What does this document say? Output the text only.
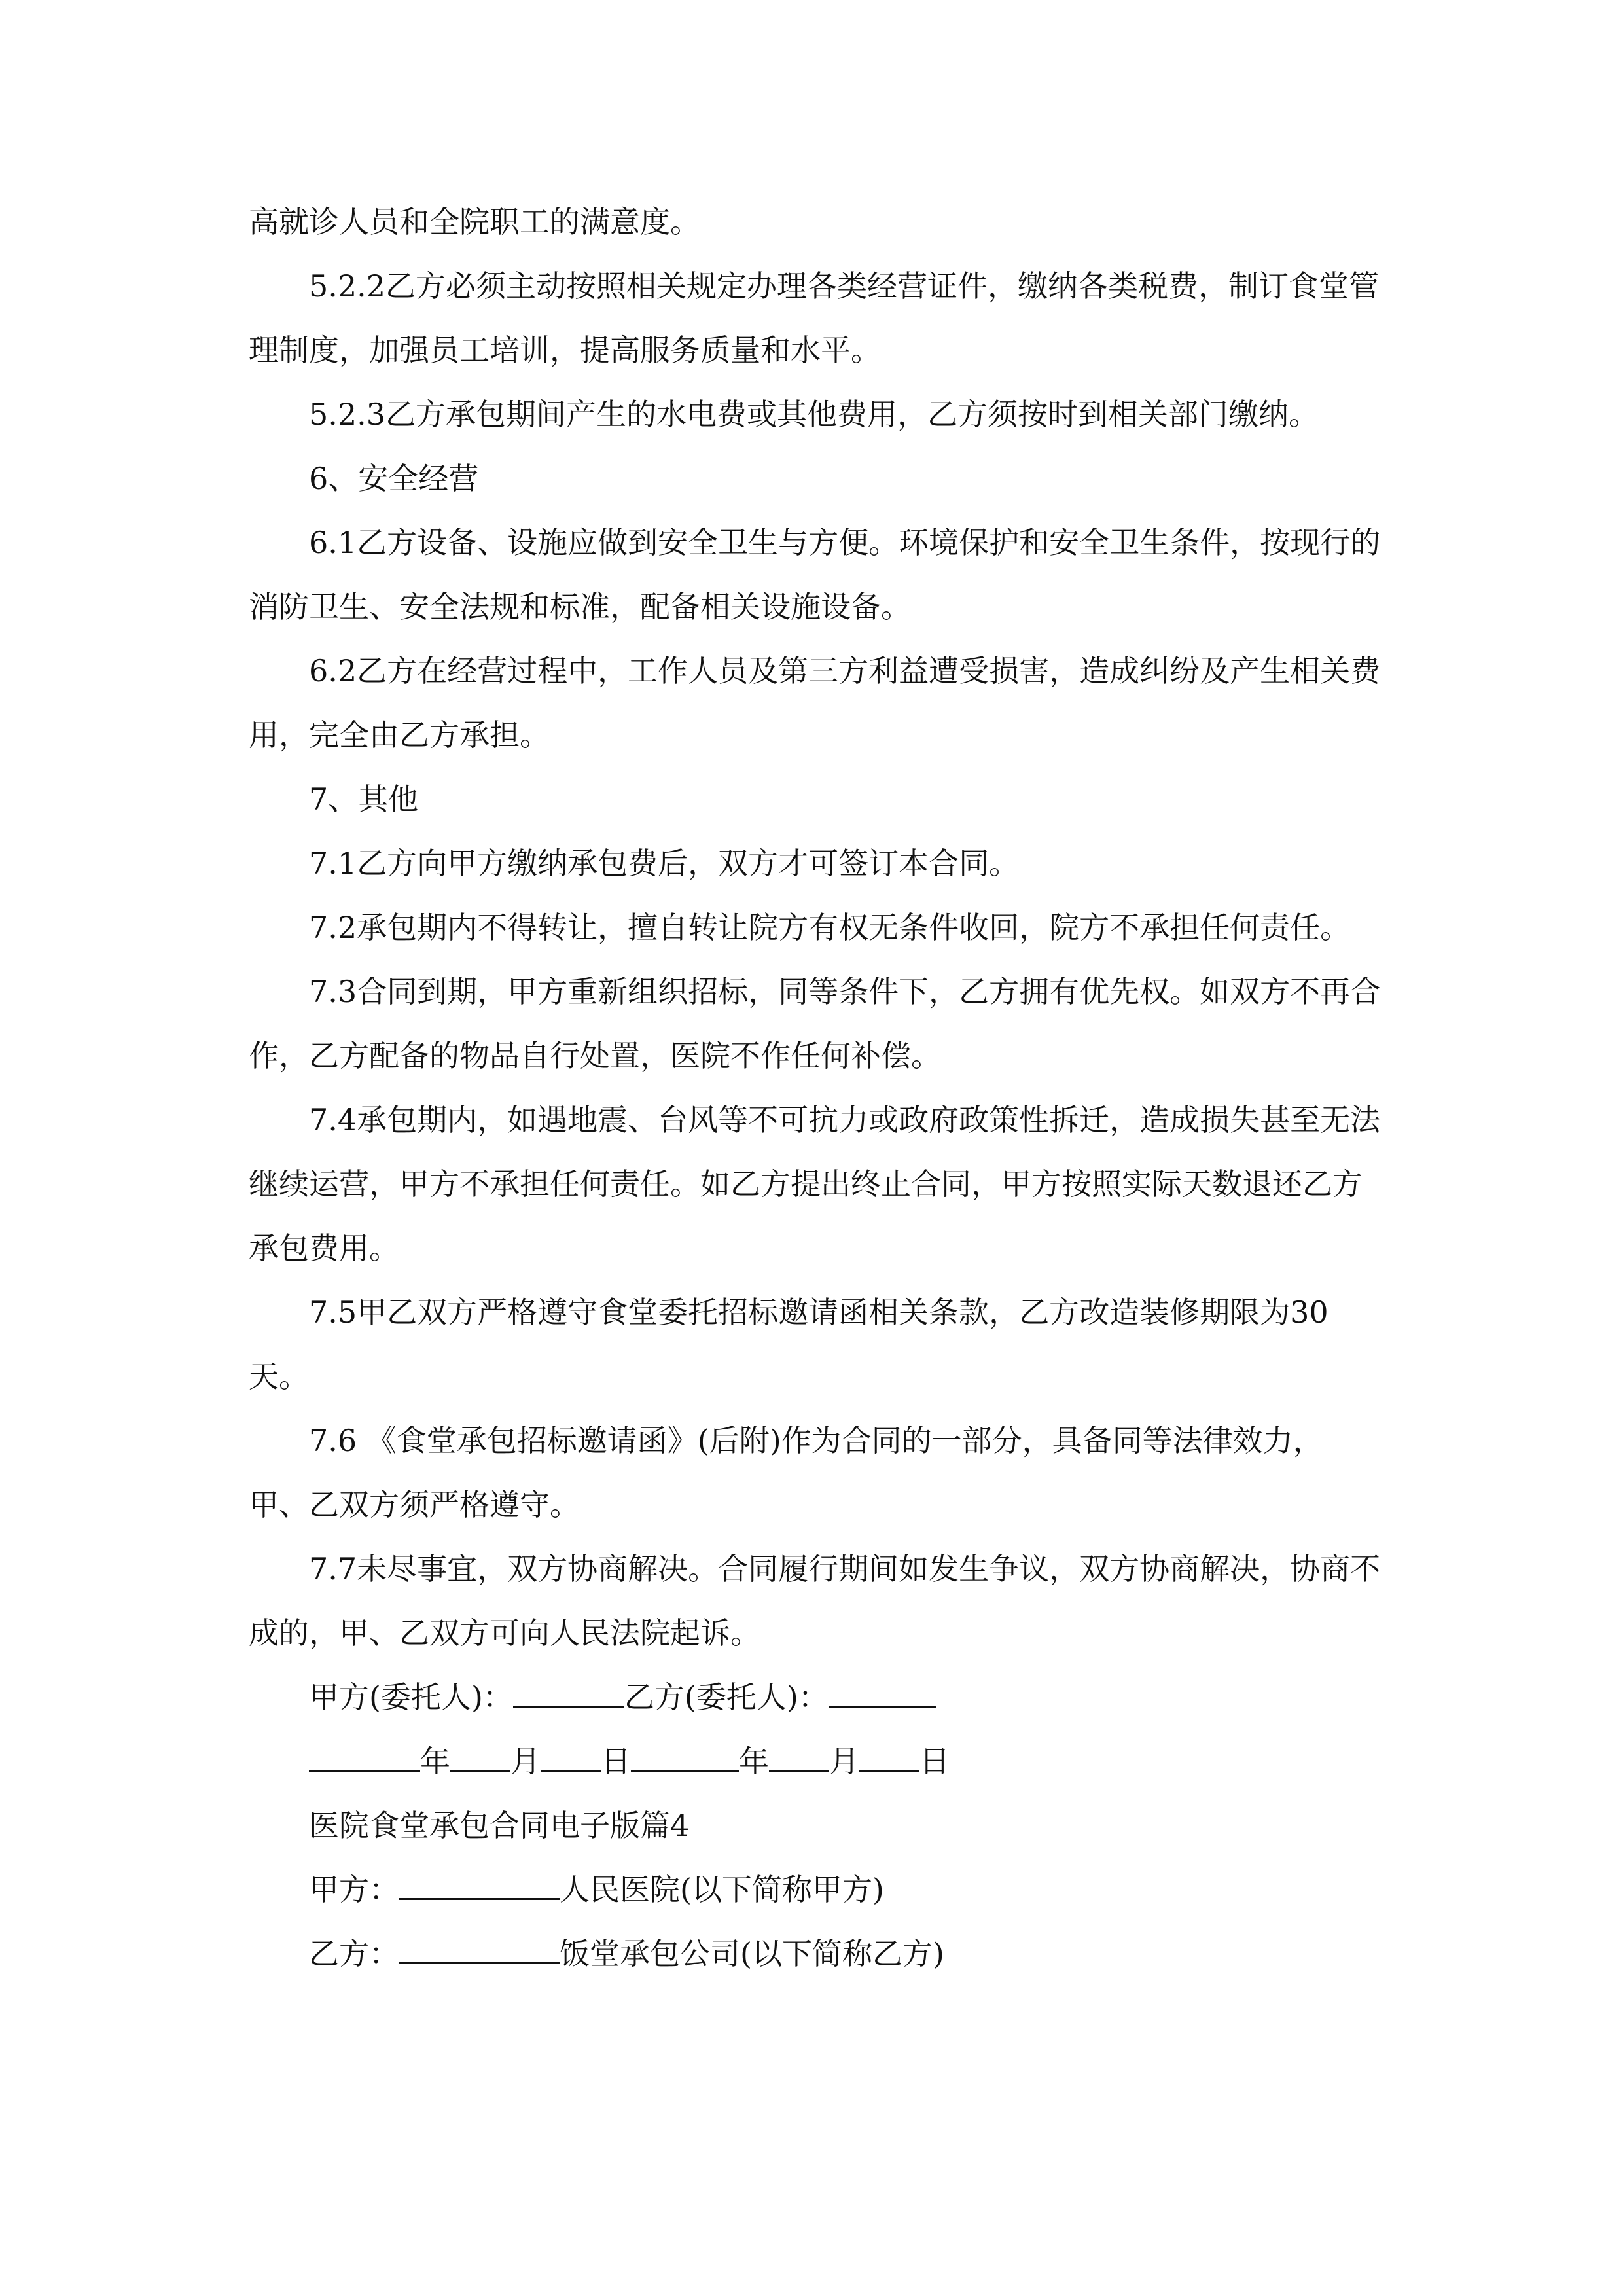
高就诊人员和全院职工的满意度。

5.2.2乙方必须主动按照相关规定办理各类经营证件，缴纳各类税费，制订食堂管理制度，加强员工培训，提高服务质量和水平。

5.2.3乙方承包期间产生的水电费或其他费用，乙方须按时到相关部门缴纳。

6、安全经营

6.1乙方设备、设施应做到安全卫生与方便。环境保护和安全卫生条件，按现行的消防卫生、安全法规和标准，配备相关设施设备。

6.2乙方在经营过程中，工作人员及第三方利益遭受损害，造成纠纷及产生相关费用，完全由乙方承担。

7、其他

7.1乙方向甲方缴纳承包费后，双方才可签订本合同。

7.2承包期内不得转让，擅自转让院方有权无条件收回，院方不承担任何责任。

7.3合同到期，甲方重新组织招标，同等条件下，乙方拥有优先权。如双方不再合作，乙方配备的物品自行处置，医院不作任何补偿。

7.4承包期内，如遇地震、台风等不可抗力或政府政策性拆迁，造成损失甚至无法继续运营，甲方不承担任何责任。如乙方提出终止合同，甲方按照实际天数退还乙方承包费用。

7.5甲乙双方严格遵守食堂委托招标邀请函相关条款，乙方改造装修期限为30天。

7.6 《食堂承包招标邀请函》(后附)作为合同的一部分，具备同等法律效力，甲、乙双方须严格遵守。

7.7未尽事宜，双方协商解决。合同履行期间如发生争议，双方协商解决，协商不成的，甲、乙双方可向人民法院起诉。

甲方(委托人)：	乙方(委托人)：

年 月 日	年 月 日

医院食堂承包合同电子版篇4

甲方：	人民医院(以下简称甲方)

乙方：	饭堂承包公司(以下简称乙方)
